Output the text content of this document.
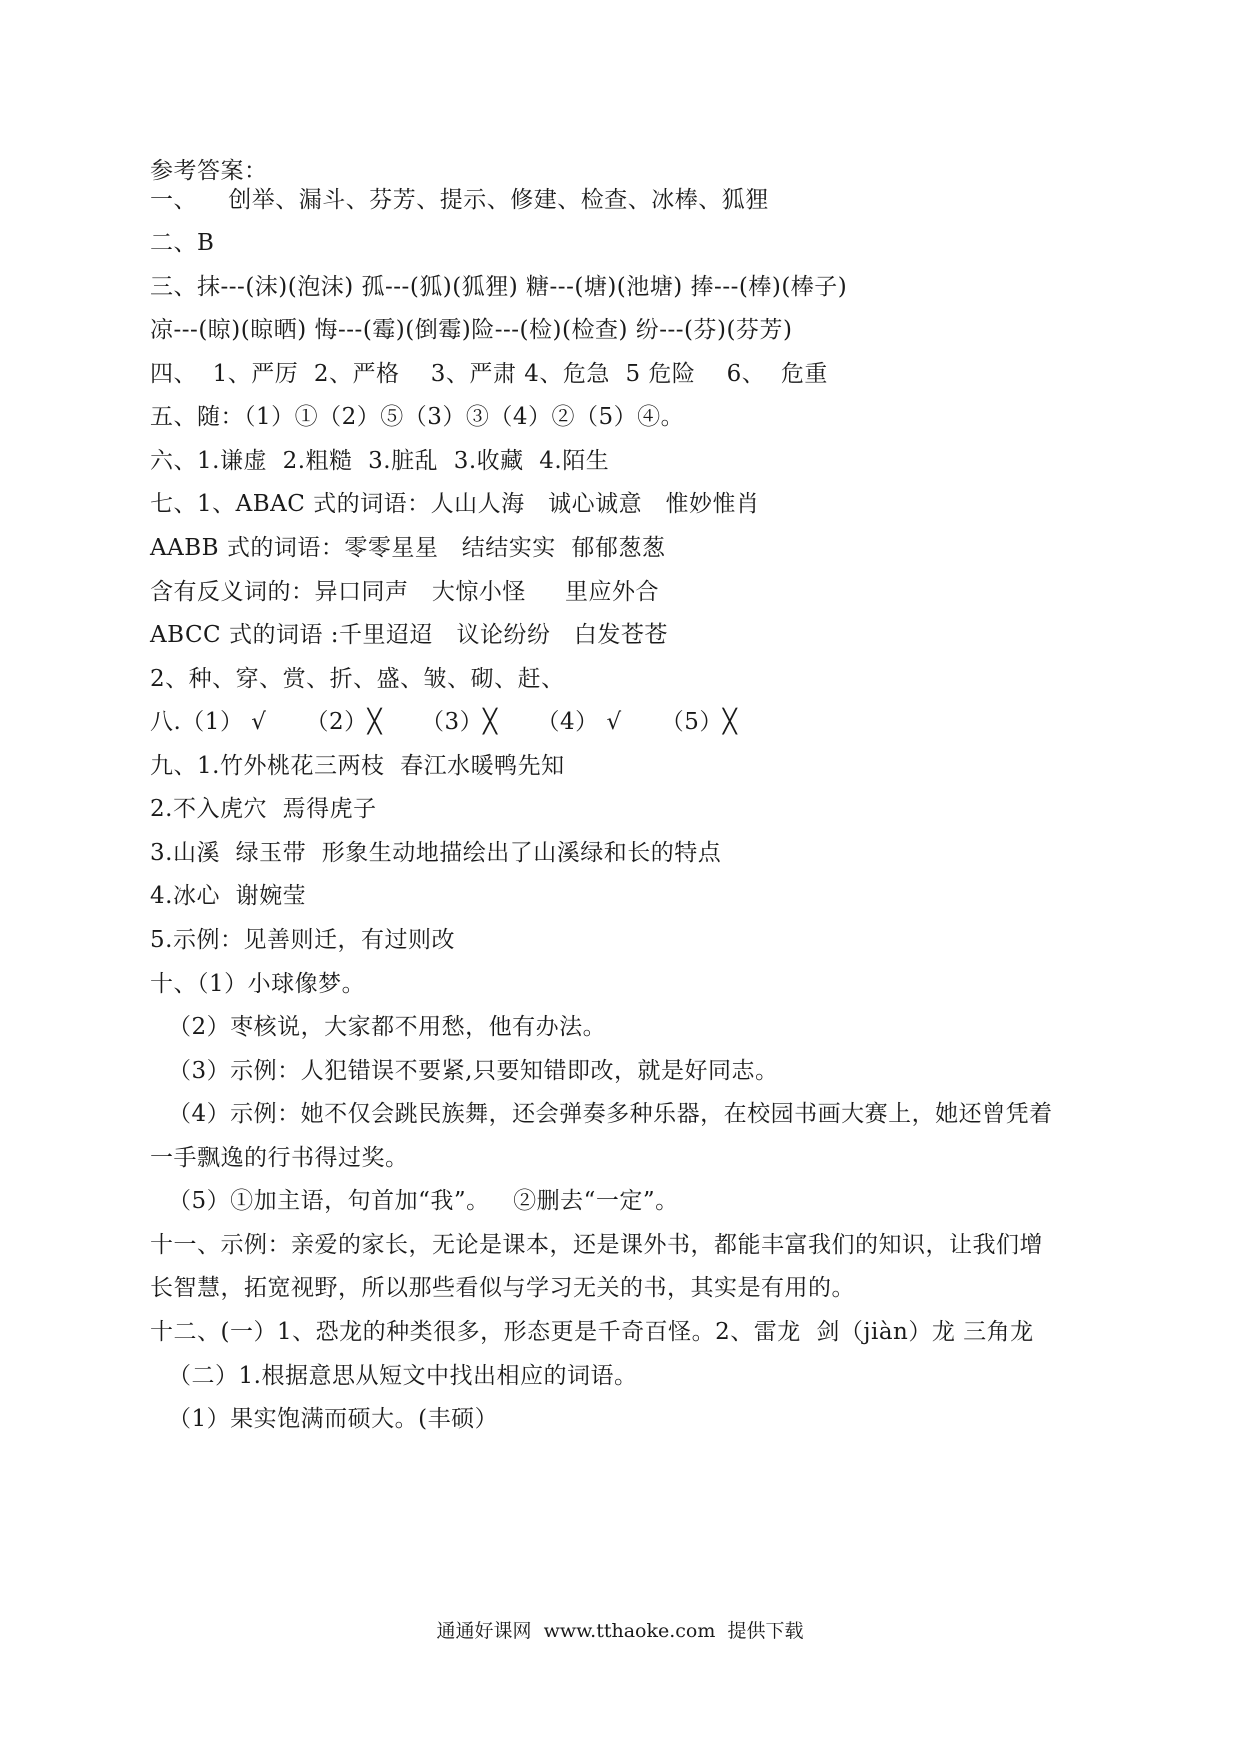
参考答案：
一、    创举、漏斗、芬芳、提示、修建、检查、冰棒、狐狸
二、B
三、抹---(沫)(泡沫) 孤---(狐)(狐狸) 糖---(塘)(池塘) 捧---(棒)(棒子)
凉---(晾)(晾晒) 悔---(霉)(倒霉)险---(检)(检查) 纷---(芬)(芬芳)
四、  1、严厉  2、严格    3、严肃 4、危急  5 危险    6、  危重
五、随：（1）①（2）⑤（3）③（4）②（5）④。
六、1.谦虚  2.粗糙  3.脏乱  3.收藏  4.陌生
七、1、ABAC 式的词语：人山人海   诚心诚意   惟妙惟肖
AABB 式的词语：零零星星   结结实实  郁郁葱葱
含有反义词的：异口同声   大惊小怪     里应外合
ABCC 式的词语 :千里迢迢   议论纷纷   白发苍苍
2、种、穿、赏、折、盛、皱、砌、赶、
八.（1） √     （2）╳     （3）╳     （4） √     （5）╳
九、1.竹外桃花三两枝  春江水暖鸭先知
2.不入虎穴  焉得虎子
3.山溪  绿玉带  形象生动地描绘出了山溪绿和长的特点
4.冰心  谢婉莹
5.示例：见善则迁，有过则改
十、（1）小球像梦。
（2）枣核说，大家都不用愁，他有办法。
（3）示例：人犯错误不要紧,只要知错即改，就是好同志。
（4）示例：她不仅会跳民族舞，还会弹奏多种乐器，在校园书画大赛上，她还曾凭着
一手飘逸的行书得过奖。
（5）①加主语，句首加“我”。   ②删去“一定”。
十一、示例：亲爱的家长，无论是课本，还是课外书，都能丰富我们的知识，让我们增
长智慧，拓宽视野，所以那些看似与学习无关的书，其实是有用的。
十二、(一）1、恐龙的种类很多，形态更是千奇百怪。2、雷龙  剑（jiàn）龙 三角龙
（二）1.根据意思从短文中找出相应的词语。
（1）果实饱满而硕大。(丰硕）
通通好课网  www.tthaoke.com  提供下载
